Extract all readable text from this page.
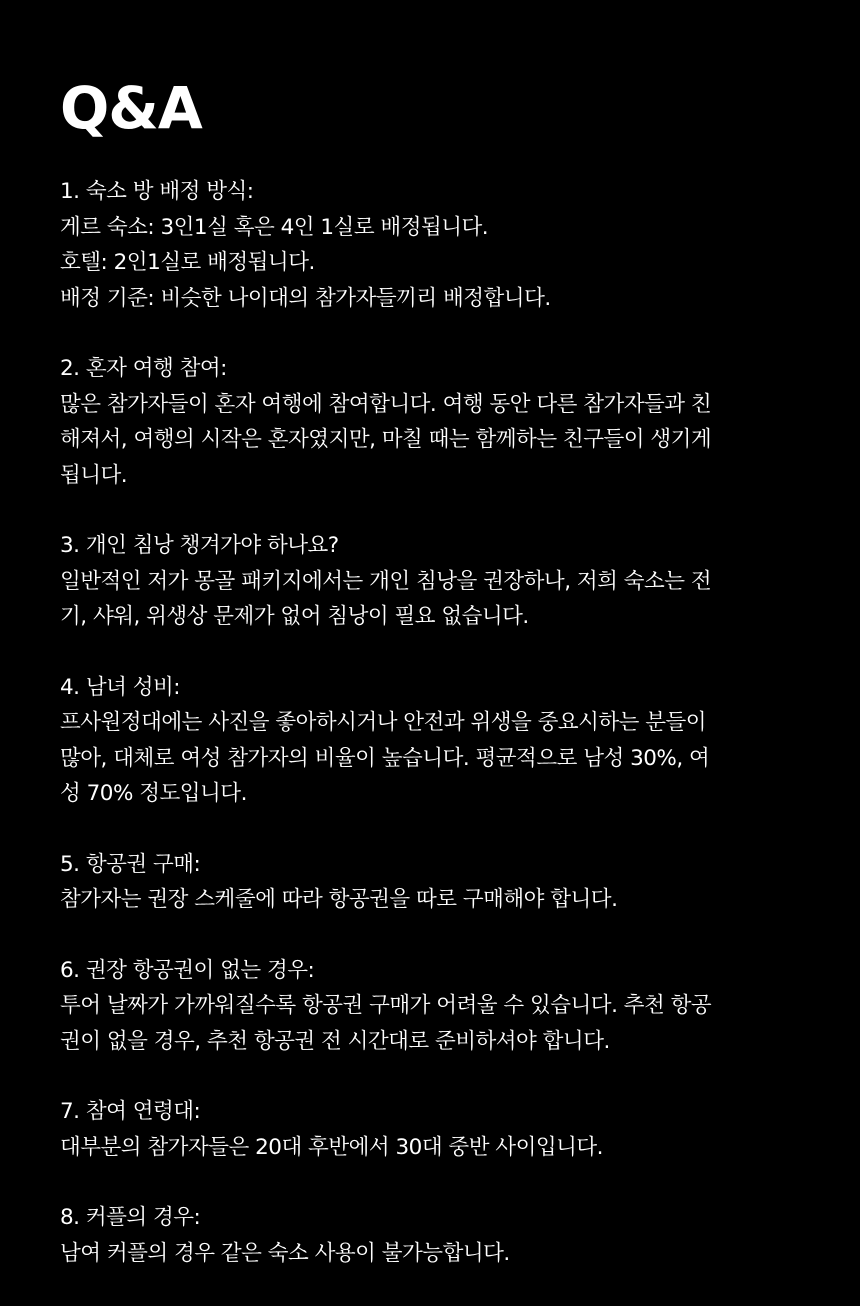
Q&A

1. 숙소 방 배정 방식:

게르 숙소: 3인1실 혹은 4인 1실로 배정됩니다.

호텔: 2인1실로 배정됩니다.

배정 기준: 비슷한 나이대의 참가자들끼리 배정합니다.

2. 혼자 여행 참여:

많은 참가자들이 혼자 여행에 참여합니다. 여행 동안 다른 참가자들과 친

해져서, 여행의 시작은 혼자였지만, 마칠 때는 함께하는 친구들이 생기게

됩니다.

3. 개인 침낭 챙겨가야 하나요?

일반적인 저가 몽골 패키지에서는 개인 침낭을 권장하나, 저희 숙소는 전

기, 샤워, 위생상 문제가 없어 침낭이 필요 없습니다.

4. 남녀 성비:

프사원정대에는 사진을 좋아하시거나 안전과 위생을 중요시하는 분들이

많아, 대체로 여성 참가자의 비율이 높습니다. 평균적으로 남성 30%, 여

성 70% 정도입니다.

5. 항공권 구매:

참가자는 권장 스케줄에 따라 항공권을 따로 구매해야 합니다.

6. 권장 항공권이 없는 경우:

투어 날짜가 가까워질수록 항공권 구매가 어려울 수 있습니다. 추천 항공

권이 없을 경우, 추천 항공권 전 시간대로 준비하셔야 합니다.

7. 참여 연령대:

대부분의 참가자들은 20대 후반에서 30대 중반 사이입니다.

8. 커플의 경우:

남여 커플의 경우 같은 숙소 사용이 불가능합니다.
